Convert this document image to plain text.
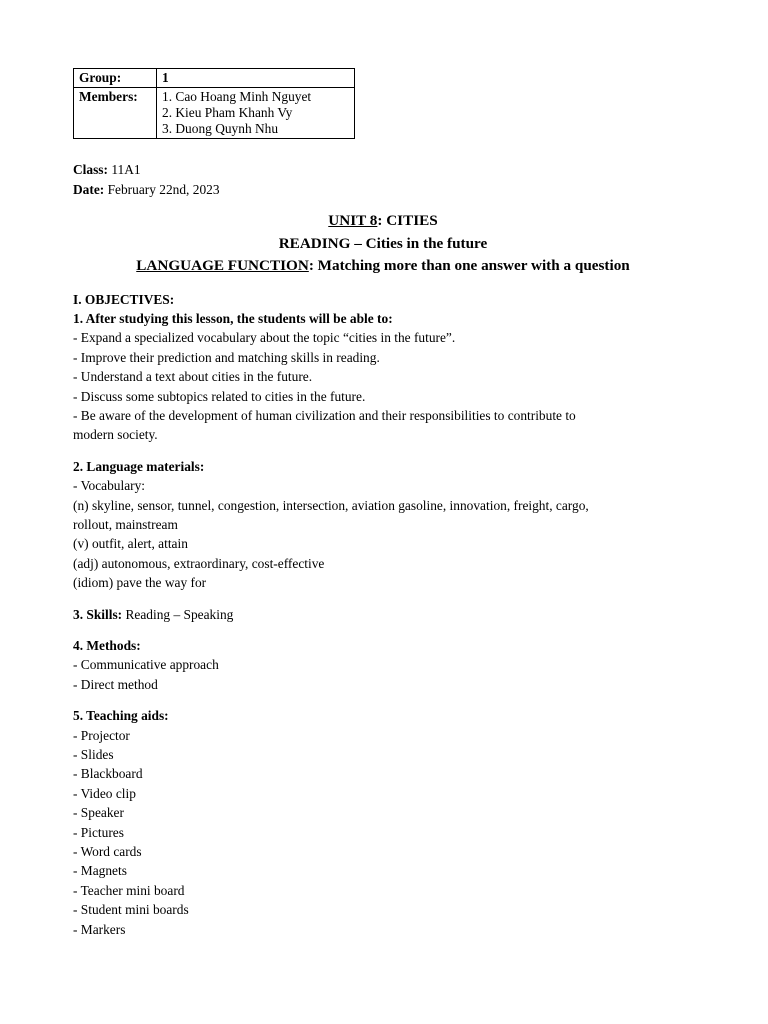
Group:	1
Members:	1. Cao Hoang Minh Nguyet
2. Kieu Pham Khanh Vy
3. Duong Quynh Nhu
Class: 11A1
Date: February 22nd, 2023
UNIT 8: CITIES
READING – Cities in the future
LANGUAGE FUNCTION: Matching more than one answer with a question
I. OBJECTIVES:
1. After studying this lesson, the students will be able to:
- Expand a specialized vocabulary about the topic “cities in the future”.
- Improve their prediction and matching skills in reading.
- Understand a text about cities in the future.
- Discuss some subtopics related to cities in the future.
- Be aware of the development of human civilization and their responsibilities to contribute to
modern society.
2. Language materials:
- Vocabulary:
(n) skyline, sensor, tunnel, congestion, intersection, aviation gasoline, innovation, freight, cargo,
rollout, mainstream
(v) outfit, alert, attain
(adj) autonomous, extraordinary, cost-effective
(idiom) pave the way for
3. Skills: Reading – Speaking
4. Methods:
- Communicative approach
- Direct method
5. Teaching aids:
- Projector
- Slides
- Blackboard
- Video clip
- Speaker
- Pictures
- Word cards
- Magnets
- Teacher mini board
- Student mini boards
- Markers
